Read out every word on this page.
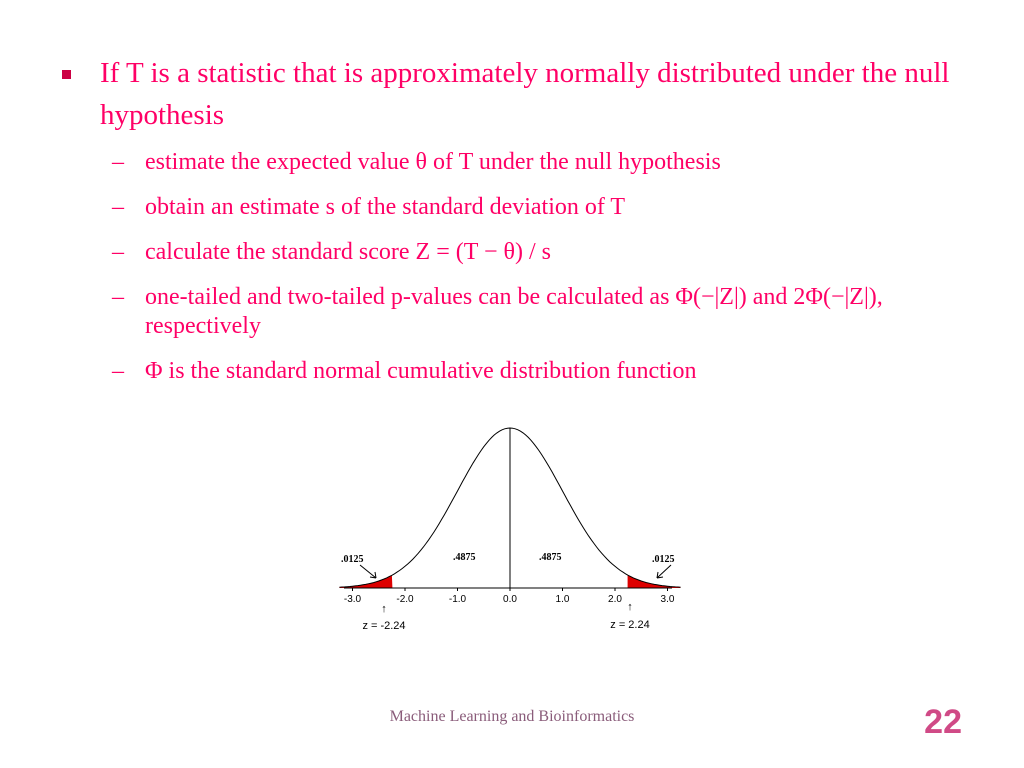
If T is a statistic that is approximately normally distributed under the null hypothesis
– estimate the expected value θ of T under the null hypothesis
– obtain an estimate s of the standard deviation of T
– calculate the standard score Z = (T − θ) / s
– one-tailed and two-tailed p-values can be calculated as Φ(−|Z|) and 2Φ(−|Z|), respectively
– Φ is the standard normal cumulative distribution function
-3.0	-2.0	-1.0	0.0	1.0	2.0	3.0
.0125	.4875	.4875	.0125
↑
z = -2.24
↑
z = 2.24
Machine Learning and Bioinformatics	22
